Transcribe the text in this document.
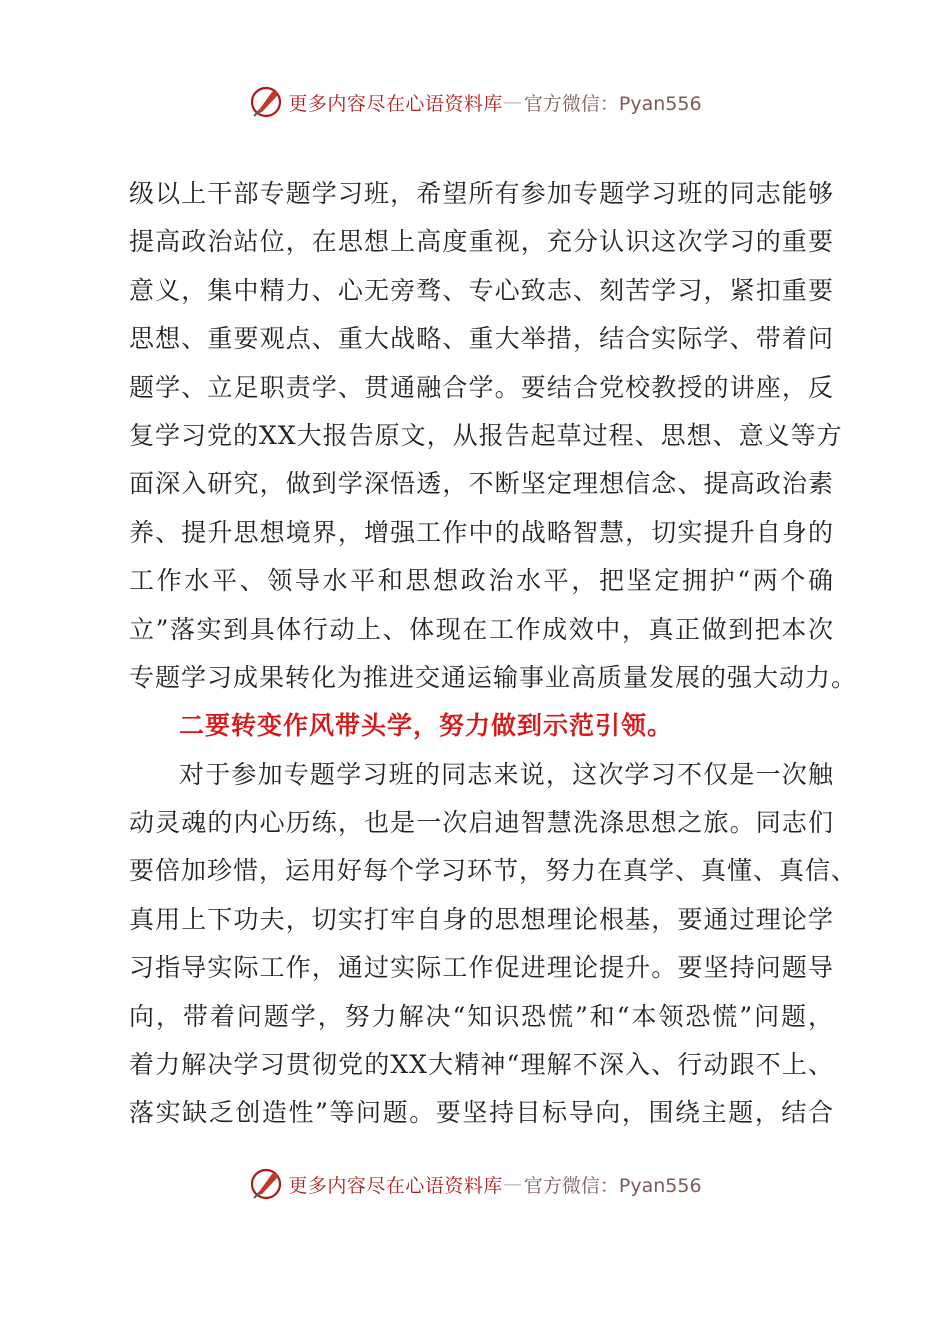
更多内容尽在心语资料库 — 官方微信：Pyan556
级以上干部专题学习班，希望所有参加专题学习班的同志能够
提高政治站位，在思想上高度重视，充分认识这次学习的重要
意义，集中精力、心无旁骛、专心致志、刻苦学习，紧扣重要
思想、重要观点、重大战略、重大举措，结合实际学、带着问
题学、立足职责学、贯通融合学。要结合党校教授的讲座，反
复学习党的XX大报告原文，从报告起草过程、思想、意义等方
面深入研究，做到学深悟透，不断坚定理想信念、提高政治素
养、提升思想境界，增强工作中的战略智慧，切实提升自身的
工作水平、领导水平和思想政治水平，把坚定拥护“两个确
立”落实到具体行动上、体现在工作成效中，真正做到把本次
专题学习成果转化为推进交通运输事业高质量发展的强大动力。
二要转变作风带头学，努力做到示范引领。
对于参加专题学习班的同志来说，这次学习不仅是一次触
动灵魂的内心历练，也是一次启迪智慧洗涤思想之旅。同志们
要倍加珍惜，运用好每个学习环节，努力在真学、真懂、真信、
真用上下功夫，切实打牢自身的思想理论根基，要通过理论学
习指导实际工作，通过实际工作促进理论提升。要坚持问题导
向，带着问题学，努力解决“知识恐慌”和“本领恐慌”问题，
着力解决学习贯彻党的XX大精神“理解不深入、行动跟不上、
落实缺乏创造性”等问题。要坚持目标导向，围绕主题，结合
更多内容尽在心语资料库 — 官方微信：Pyan556
